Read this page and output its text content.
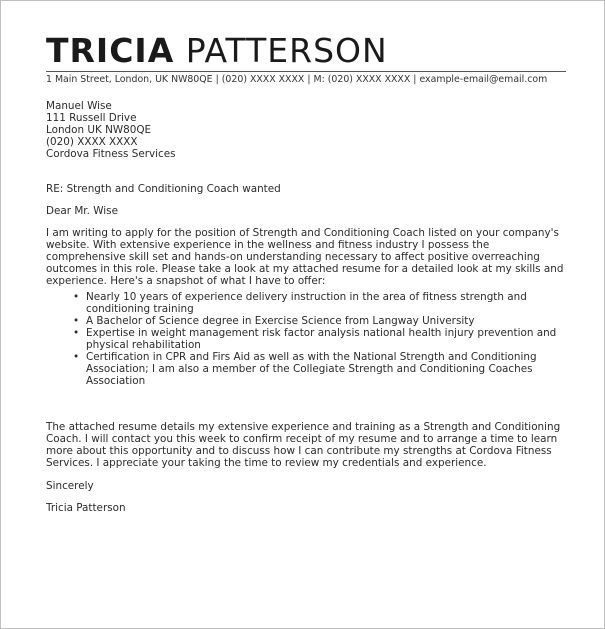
TRICIA PATTERSON
1 Main Street, London, UK NW80QE | (020) XXXX XXXX | M: (020) XXXX XXXX | example-email@email.com
Manuel Wise
111 Russell Drive
London UK NW80QE
(020) XXXX XXXX
Cordova Fitness Services
RE: Strength and Conditioning Coach wanted
Dear Mr. Wise
I am writing to apply for the position of Strength and Conditioning Coach listed on your company's website. With extensive experience in the wellness and fitness industry I possess the comprehensive skill set and hands-on understanding necessary to affect positive overreaching outcomes in this role. Please take a look at my attached resume for a detailed look at my skills and experience. Here's a snapshot of what I have to offer:
• Nearly 10 years of experience delivery instruction in the area of fitness strength and conditioning training
• A Bachelor of Science degree in Exercise Science from Langway University
• Expertise in weight management risk factor analysis national health injury prevention and physical rehabilitation
• Certification in CPR and Firs Aid as well as with the National Strength and Conditioning Association; I am also a member of the Collegiate Strength and Conditioning Coaches Association
The attached resume details my extensive experience and training as a Strength and Conditioning Coach. I will contact you this week to confirm receipt of my resume and to arrange a time to learn more about this opportunity and to discuss how I can contribute my strengths at Cordova Fitness Services. I appreciate your taking the time to review my credentials and experience.
Sincerely
Tricia Patterson
